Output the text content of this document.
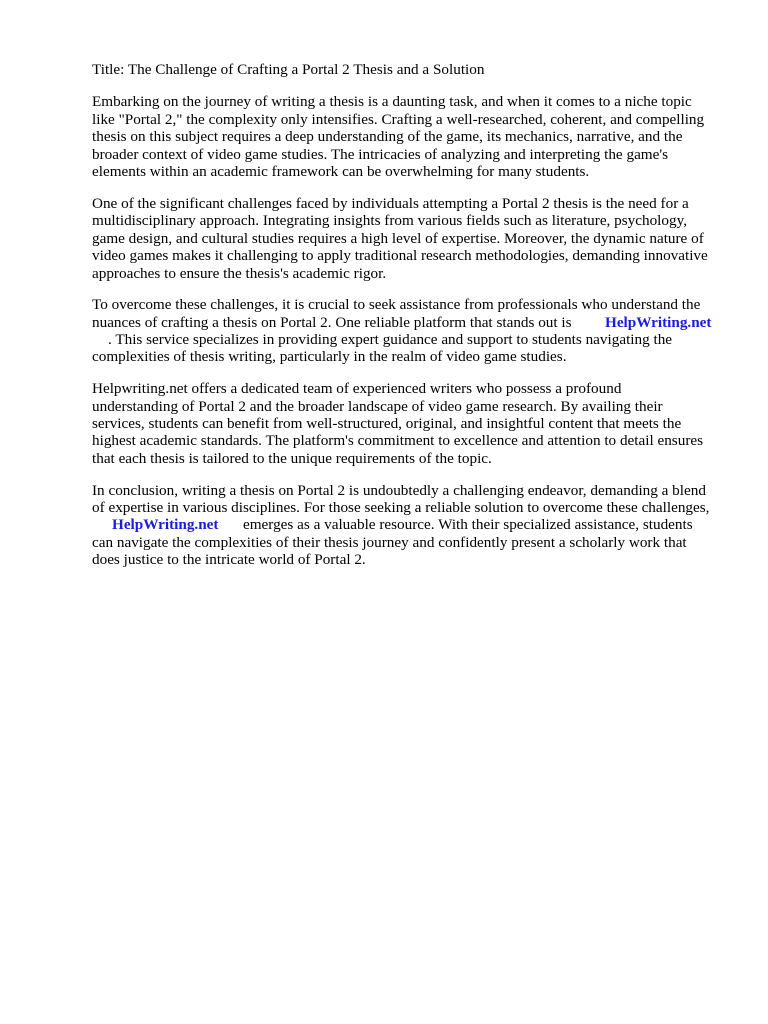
Title: The Challenge of Crafting a Portal 2 Thesis and a Solution
Embarking on the journey of writing a thesis is a daunting task, and when it comes to a niche topic
like "Portal 2," the complexity only intensifies. Crafting a well-researched, coherent, and compelling
thesis on this subject requires a deep understanding of the game, its mechanics, narrative, and the
broader context of video game studies. The intricacies of analyzing and interpreting the game's
elements within an academic framework can be overwhelming for many students.
One of the significant challenges faced by individuals attempting a Portal 2 thesis is the need for a
multidisciplinary approach. Integrating insights from various fields such as literature, psychology,
game design, and cultural studies requires a high level of expertise. Moreover, the dynamic nature of
video games makes it challenging to apply traditional research methodologies, demanding innovative
approaches to ensure the thesis's academic rigor.
To overcome these challenges, it is crucial to seek assistance from professionals who understand the
nuances of crafting a thesis on Portal 2. One reliable platform that stands out is HelpWriting.net
. This service specializes in providing expert guidance and support to students navigating the
complexities of thesis writing, particularly in the realm of video game studies.
Helpwriting.net offers a dedicated team of experienced writers who possess a profound
understanding of Portal 2 and the broader landscape of video game research. By availing their
services, students can benefit from well-structured, original, and insightful content that meets the
highest academic standards. The platform's commitment to excellence and attention to detail ensures
that each thesis is tailored to the unique requirements of the topic.
In conclusion, writing a thesis on Portal 2 is undoubtedly a challenging endeavor, demanding a blend
of expertise in various disciplines. For those seeking a reliable solution to overcome these challenges,
HelpWriting.net emerges as a valuable resource. With their specialized assistance, students
can navigate the complexities of their thesis journey and confidently present a scholarly work that
does justice to the intricate world of Portal 2.
